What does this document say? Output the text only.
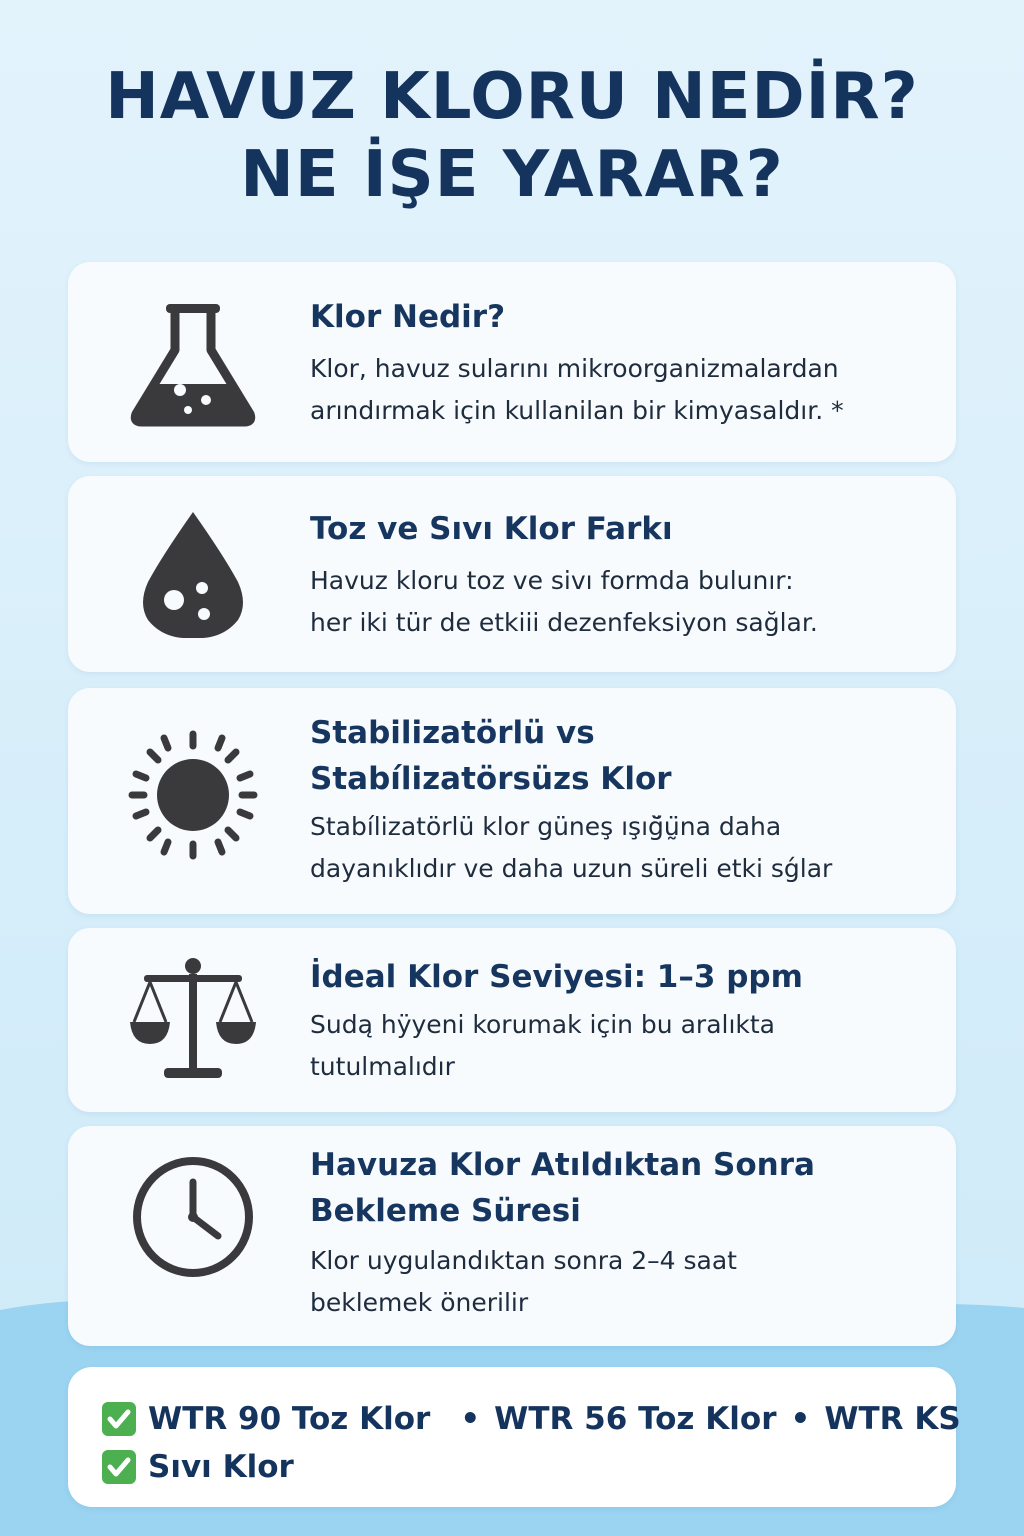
HAVUZ KLORU NEDİR?
NE İŞE YARAR?
Klor Nedir?
Klor, havuz sularını mikroorganizmalardan
arındırmak için kullanilan bir kimyasaldır. *
Toz ve Sıvı Klor Farkı
Havuz kloru toz ve sivı formda bulunır:
her iki tür de etkiii dezenfeksiyon sağlar.
Stabilizatörlü vs
Stabílizatörsüzs Klor
Stabílizatörlü klor güneş ışığ̆ṵ̈na daha
dayanıklıdır ve daha uzun süreli etki sǵlar
İdeal Klor Seviyesi: 1–3 ppm
Sudą hÿyeni korumak için bu aralıkta
tutulmalıdır
Havuza Klor Atıldıktan Sonra
Bekleme Süresi
Klor uygulandıktan sonra 2–4 saat
beklemek önerilir
WTR 90 Toz Klor • WTR 56 Toz Klor • WTR KS
Sıvı Klor
